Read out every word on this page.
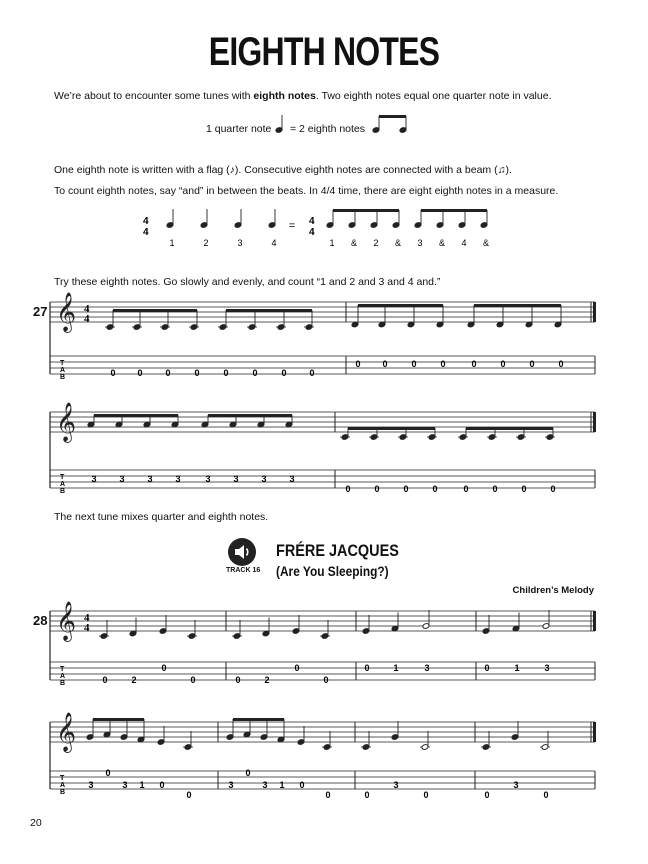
EIGHTH NOTES
We’re about to encounter some tunes with eighth notes. Two eighth notes equal one quarter note in value.
1 quarter note = 2 eighth notes
One eighth note is written with a flag (♪). Consecutive eighth notes are connected with a beam (♫).
To count eighth notes, say “and” in between the beats. In 4/4 time, there are eight eighth notes in a measure.
Try these eighth notes. Go slowly and evenly, and count “1 and 2 and 3 and 4 and.”
The next tune mixes quarter and eighth notes.
TRACK 16
FRÉRE JACQUES
(Are You Sleeping?)
Children’s Melody
27
28
20
4
4
1	2	3	4
= 4
4
1 & 2 & 3 & 4 &
𝄞 4
4
T
A
B	0 0	0	0	0	0	0	0
0 0	0	0	0	0	0	0
𝄞
T
A
B
3	3	3	3	3	3	3	3
0	0	0	0	0	0	0	0
𝄞 4
4
T
A
B	0	2
0
0	0	2
0
0
0	1	3	0	1	3
𝄞
T
A
B
3
0
3 1 0
0
3
0
3 1 0
0	0
3
0	0
3
0
